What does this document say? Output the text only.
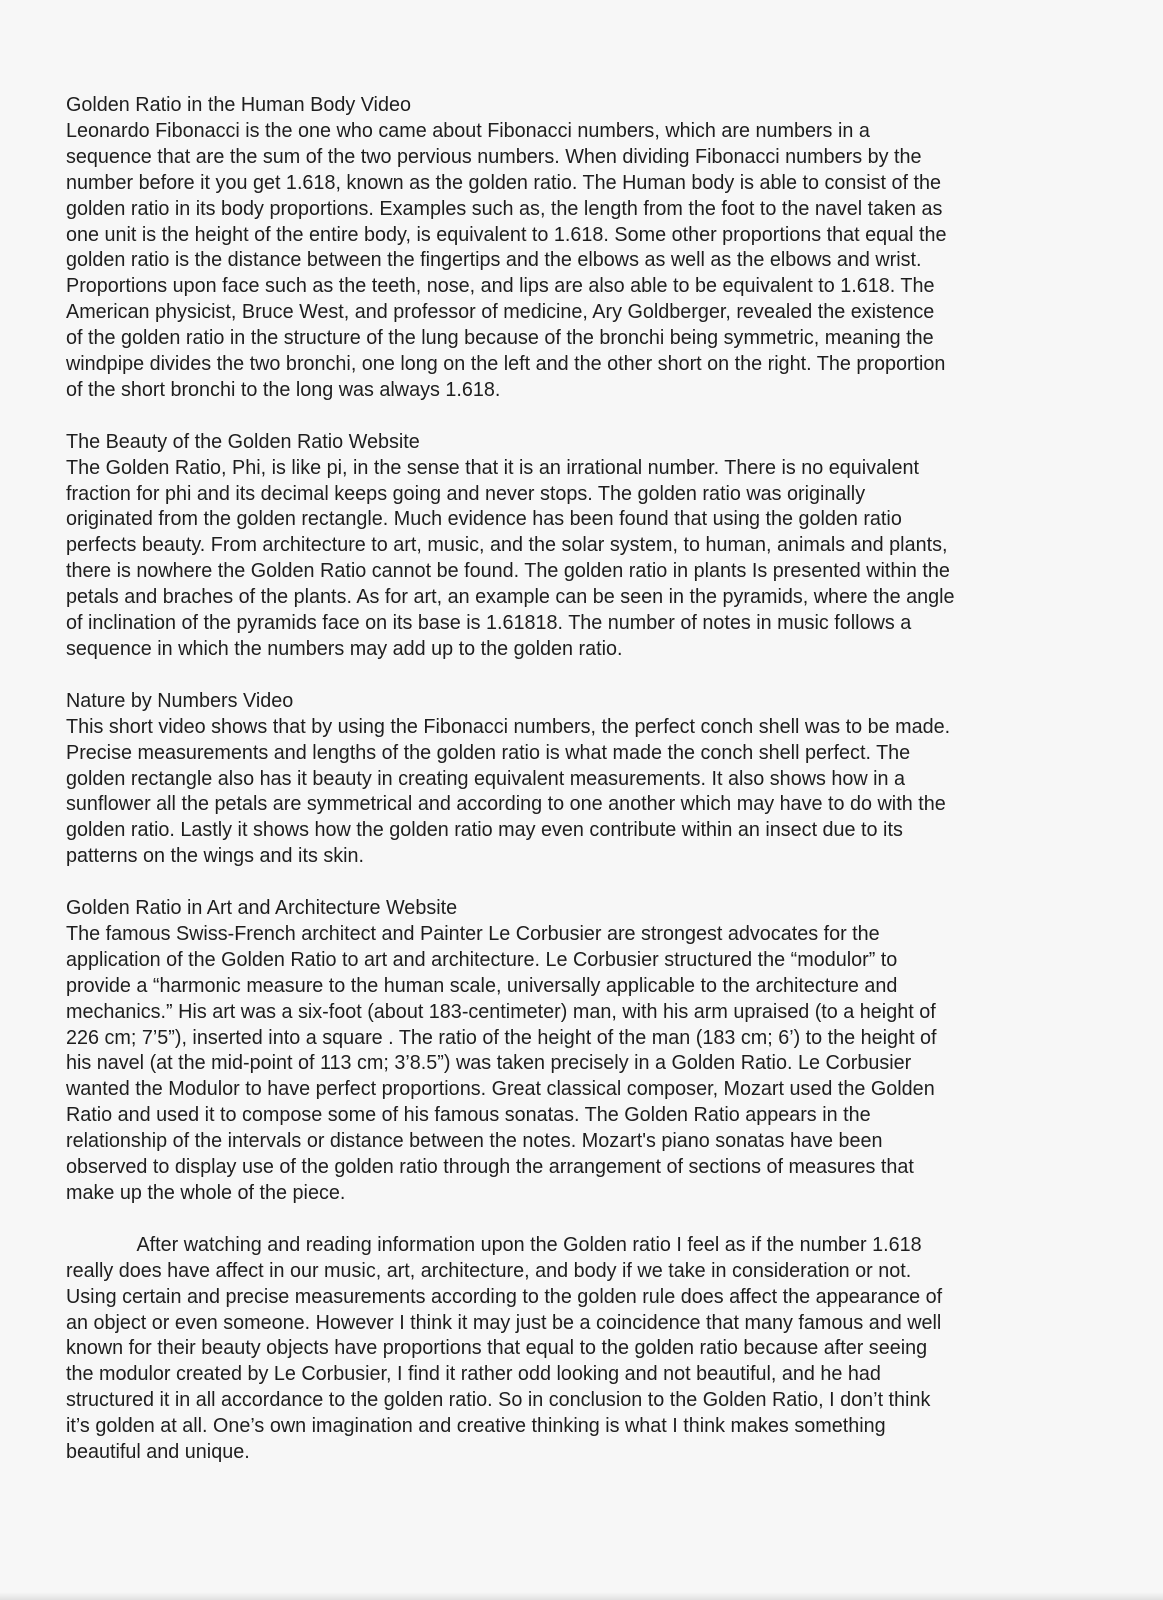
Golden Ratio in the Human Body Video
Leonardo Fibonacci is the one who came about Fibonacci numbers, which are numbers in a
sequence that are the sum of the two pervious numbers. When dividing Fibonacci numbers by the
number before it you get 1.618, known as the golden ratio. The Human body is able to consist of the
golden ratio in its body proportions. Examples such as, the length from the foot to the navel taken as
one unit is the height of the entire body, is equivalent to 1.618. Some other proportions that equal the
golden ratio is the distance between the fingertips and the elbows as well as the elbows and wrist.
Proportions upon face such as the teeth, nose, and lips are also able to be equivalent to 1.618. The
American physicist, Bruce West, and professor of medicine, Ary Goldberger, revealed the existence
of the golden ratio in the structure of the lung because of the bronchi being symmetric, meaning the
windpipe divides the two bronchi, one long on the left and the other short on the right. The proportion
of the short bronchi to the long was always 1.618.
The Beauty of the Golden Ratio Website
The Golden Ratio, Phi, is like pi, in the sense that it is an irrational number. There is no equivalent
fraction for phi and its decimal keeps going and never stops. The golden ratio was originally
originated from the golden rectangle. Much evidence has been found that using the golden ratio
perfects beauty. From architecture to art, music, and the solar system, to human, animals and plants,
there is nowhere the Golden Ratio cannot be found. The golden ratio in plants Is presented within the
petals and braches of the plants. As for art, an example can be seen in the pyramids, where the angle
of inclination of the pyramids face on its base is 1.61818. The number of notes in music follows a
sequence in which the numbers may add up to the golden ratio.
Nature by Numbers Video
This short video shows that by using the Fibonacci numbers, the perfect conch shell was to be made.
Precise measurements and lengths of the golden ratio is what made the conch shell perfect. The
golden rectangle also has it beauty in creating equivalent measurements. It also shows how in a
sunflower all the petals are symmetrical and according to one another which may have to do with the
golden ratio. Lastly it shows how the golden ratio may even contribute within an insect due to its
patterns on the wings and its skin.
Golden Ratio in Art and Architecture Website
The famous Swiss-French architect and Painter Le Corbusier are strongest advocates for the
application of the Golden Ratio to art and architecture. Le Corbusier structured the “modulor” to
provide a “harmonic measure to the human scale, universally applicable to the architecture and
mechanics.” His art was a six-foot (about 183-centimeter) man, with his arm upraised (to a height of
226 cm; 7’5”), inserted into a square . The ratio of the height of the man (183 cm; 6’) to the height of
his navel (at the mid-point of 113 cm; 3’8.5”) was taken precisely in a Golden Ratio. Le Corbusier
wanted the Modulor to have perfect proportions. Great classical composer, Mozart used the Golden
Ratio and used it to compose some of his famous sonatas. The Golden Ratio appears in the
relationship of the intervals or distance between the notes. Mozart's piano sonatas have been
observed to display use of the golden ratio through the arrangement of sections of measures that
make up the whole of the piece.
After watching and reading information upon the Golden ratio I feel as if the number 1.618
really does have affect in our music, art, architecture, and body if we take in consideration or not.
Using certain and precise measurements according to the golden rule does affect the appearance of
an object or even someone. However I think it may just be a coincidence that many famous and well
known for their beauty objects have proportions that equal to the golden ratio because after seeing
the modulor created by Le Corbusier, I find it rather odd looking and not beautiful, and he had
structured it in all accordance to the golden ratio. So in conclusion to the Golden Ratio, I don’t think
it’s golden at all. One’s own imagination and creative thinking is what I think makes something
beautiful and unique.
